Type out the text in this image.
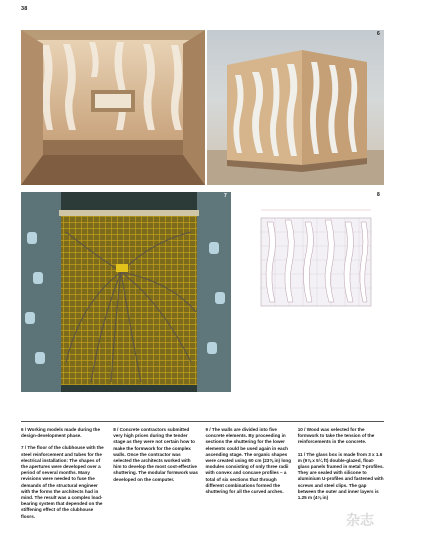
38
6
7	8

6 / Working models made during the design-development phase.

7 / The floor of the clubhouse with the steel reinforcement and tubes for the electrical installation: The shapes of the apertures were developed over a period of several months. Many revisions were needed to fuse the demands of the structural engineer with the forms the architects had in mind. The result was a complex load-bearing system that depended on the stiffening effect of the clubhouse floors.

8 / Concrete contractors submitted very high prices during the tender stage as they were not certain how to make the formwork for the complex walls. Once the contractor was selected the architects worked with him to develop the most cost-effective shuttering. The modular formwork was developed on the computer.

9 / The walls are divided into five concrete elements. By proceeding in sections the shuttering for the lower elements could be used again in each ascending stage. The organic shapes were created using 60 cm (23⅝ in) long modules consisting of only three radii with convex and concave profiles – a total of six sections that through different combinations formed the shuttering for all the curved arches.

10 / Wood was selected for the formwork to take the tension of the reinforcements in the concrete.

11 / The glass box is made from 3 x 1.6 m (9⅞ x 5¼ ft) double-glazed, float-glass panels framed in metal T-profiles. They are sealed with silicone to aluminium U-profiles and fastened with screws and steel clips. The gap between the outer and inner layers is 1.25 m (4⅛ in)

杂志
